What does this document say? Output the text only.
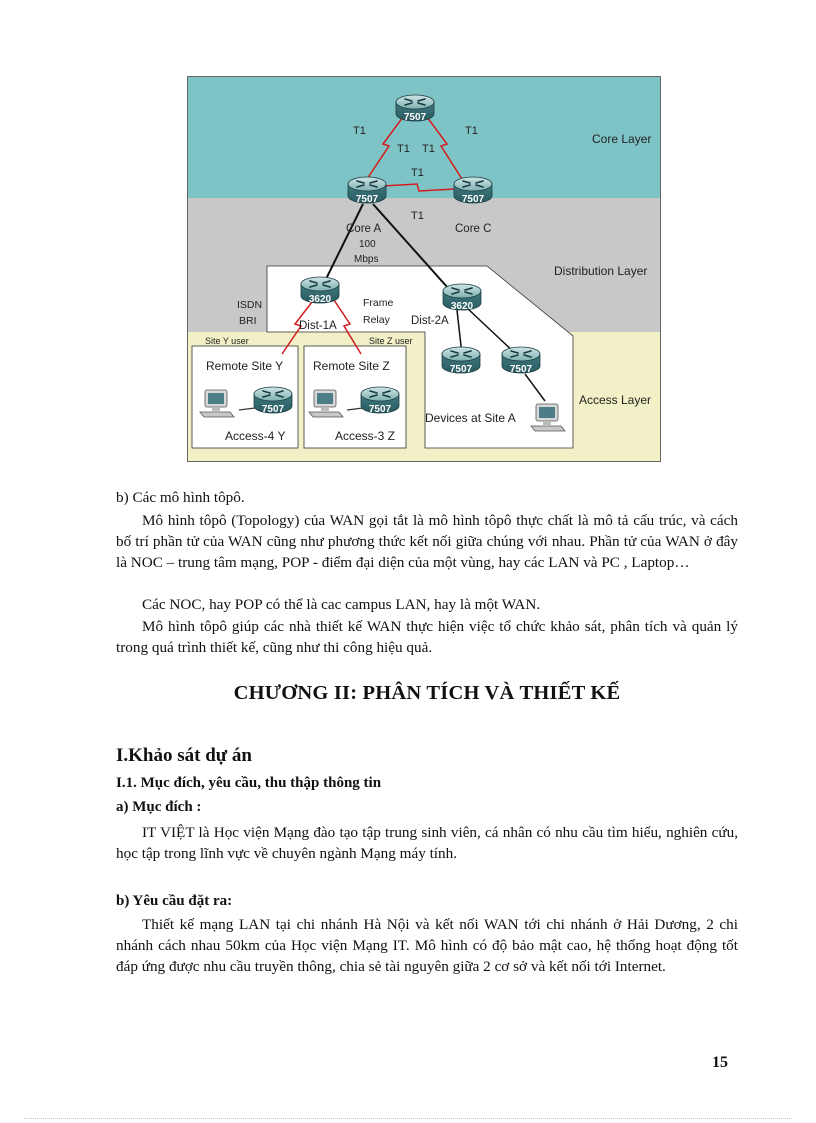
Core Layer
Distribution Layer
Access Layer
7507
7507	7507
3620
3620
7507	7507
7507	7507
T1	T1
T1 T1
T1
T1
Core A	Core C
100
Mbps
ISDN
BRI
Frame
Relay
Dist-1A	Dist-2A
Site Y user	Site Z user
Remote Site Y Remote Site Z
Access-4 Y	Access-3 Z
Devices at Site A

b) Các mô hình tôpô.

Mô hình tôpô (Topology) của WAN gọi tắt là mô hình tôpô thực chất là mô tả cấu trúc, và cách bố trí phần tử của WAN cũng như phương thức kết nối giữa chúng với nhau. Phần tử của WAN ở đây là NOC – trung tâm mạng, POP - điểm đại diện của một vùng, hay các LAN và PC , Laptop…

Các NOC, hay POP có thể là cac campus LAN, hay là một WAN.

Mô hình tôpô giúp các nhà thiết kế WAN thực hiện việc tổ chức khảo sát, phân tích và quản lý trong quá trình thiết kế, cũng như thi công hiệu quả.

CHƯƠNG II: PHÂN TÍCH VÀ THIẾT KẾ
I.Khảo sát dự án
I.1. Mục đích, yêu cầu, thu thập thông tin
a) Mục đích :

IT VIỆT là Học viện Mạng đào tạo tập trung sinh viên, cá nhân có nhu cầu tìm hiểu, nghiên cứu, học tập trong lĩnh vực về chuyên ngành Mạng máy tính.

b) Yêu cầu đặt ra:

Thiết kế mạng LAN tại chi nhánh Hà Nội và kết nối WAN tới chi nhánh ở Hải Dương, 2 chi nhánh cách nhau 50km của Học viện Mạng IT. Mô hình có độ bảo mật cao, hệ thống hoạt động tốt đáp ứng được nhu cầu truyền thông, chia sẻ tài nguyên giữa 2 cơ sở và kết nối tới Internet.

15
